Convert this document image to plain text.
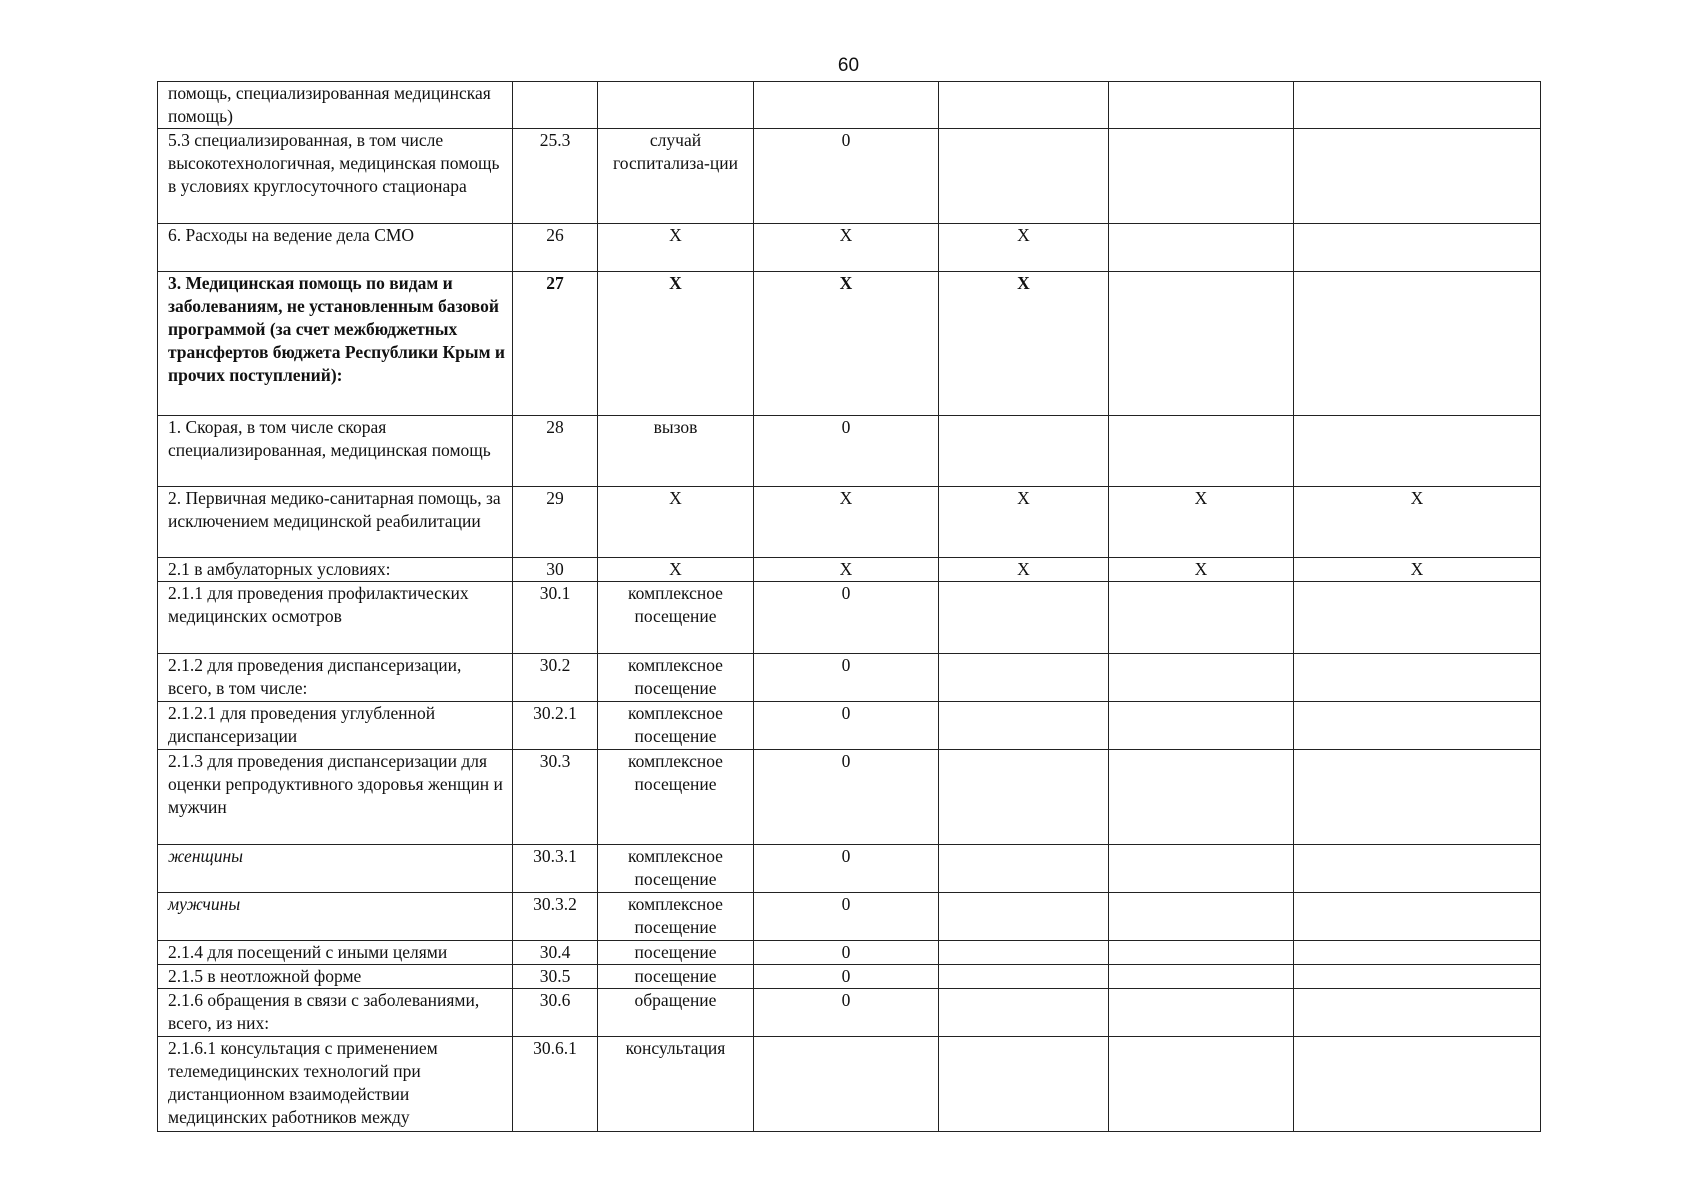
60
помощь, специализированная медицинская помощь)						
5.3 специализированная, в том числе высокотехнологичная, медицинская помощь в условиях круглосуточного стационара	25.3	случай госпитализа-ции	0			
6. Расходы на ведение дела СМО	26	X	X	X		
3. Медицинская помощь по видам и заболеваниям, не установленным базовой программой (за счет межбюджетных трансфертов бюджета Республики Крым и прочих поступлений):	27	X	X	X		
1. Скорая, в том числе скорая специализированная, медицинская помощь	28	вызов	0			
2. Первичная медико-санитарная помощь, за исключением медицинской реабилитации	29	X	X	X	X	X
2.1 в амбулаторных условиях:	30	X	X	X	X	X
2.1.1 для проведения профилактических медицинских осмотров	30.1	комплексное посещение	0			
2.1.2 для проведения диспансеризации, всего, в том числе:	30.2	комплексное посещение	0			
2.1.2.1 для проведения углубленной диспансеризации	30.2.1	комплексное посещение	0			
2.1.3 для проведения диспансеризации для оценки репродуктивного здоровья женщин и мужчин	30.3	комплексное посещение	0			
женщины	30.3.1	комплексное посещение	0			
мужчины	30.3.2	комплексное посещение	0			
2.1.4 для посещений с иными целями	30.4	посещение	0			
2.1.5 в неотложной форме	30.5	посещение	0			
2.1.6 обращения в связи с заболеваниями, всего, из них:	30.6	обращение	0			
2.1.6.1 консультация с применением телемедицинских технологий при дистанционном взаимодействии медицинских работников между	30.6.1	консультация				
